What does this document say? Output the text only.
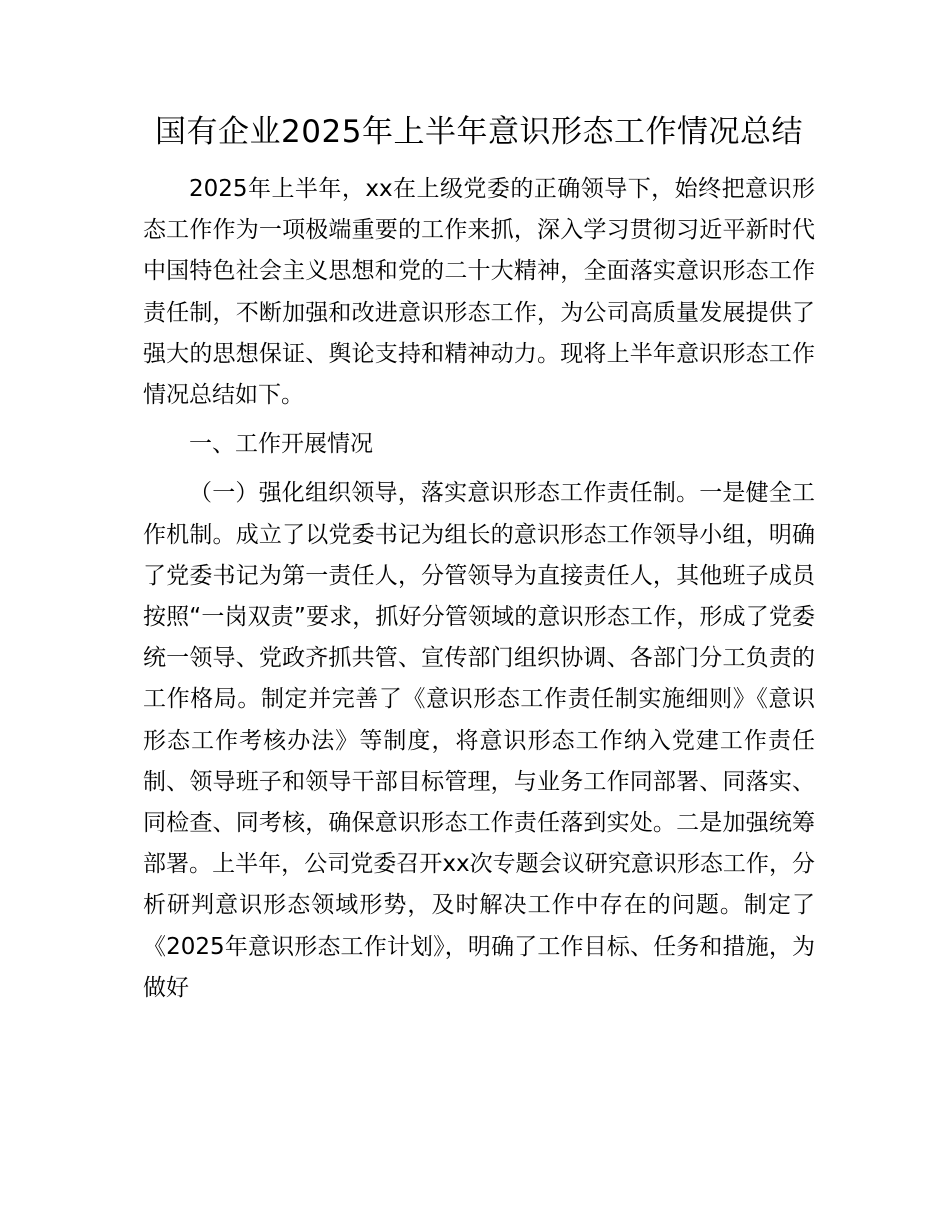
国有企业2025年上半年意识形态工作情况总结

2025年上半年，xx在上级党委的正确领导下，始终把意识形态工作作为一项极端重要的工作来抓，深入学习贯彻习近平新时代中国特色社会主义思想和党的二十大精神，全面落实意识形态工作责任制，不断加强和改进意识形态工作，为公司高质量发展提供了强大的思想保证、舆论支持和精神动力。现将上半年意识形态工作情况总结如下。

一、工作开展情况

（一）强化组织领导，落实意识形态工作责任制。一是健全工作机制。成立了以党委书记为组长的意识形态工作领导小组，明确了党委书记为第一责任人，分管领导为直接责任人，其他班子成员按照“一岗双责”要求，抓好分管领域的意识形态工作，形成了党委统一领导、党政齐抓共管、宣传部门组织协调、各部门分工负责的工作格局。制定并完善了《意识形态工作责任制实施细则》《意识形态工作考核办法》等制度，将意识形态工作纳入党建工作责任制、领导班子和领导干部目标管理，与业务工作同部署、同落实、同检查、同考核，确保意识形态工作责任落到实处。二是加强统筹部署。上半年，公司党委召开xx次专题会议研究意识形态工作，分析研判意识形态领域形势，及时解决工作中存在的问题。制定了《2025年意识形态工作计划》，明确了工作目标、任务和措施，为做好
